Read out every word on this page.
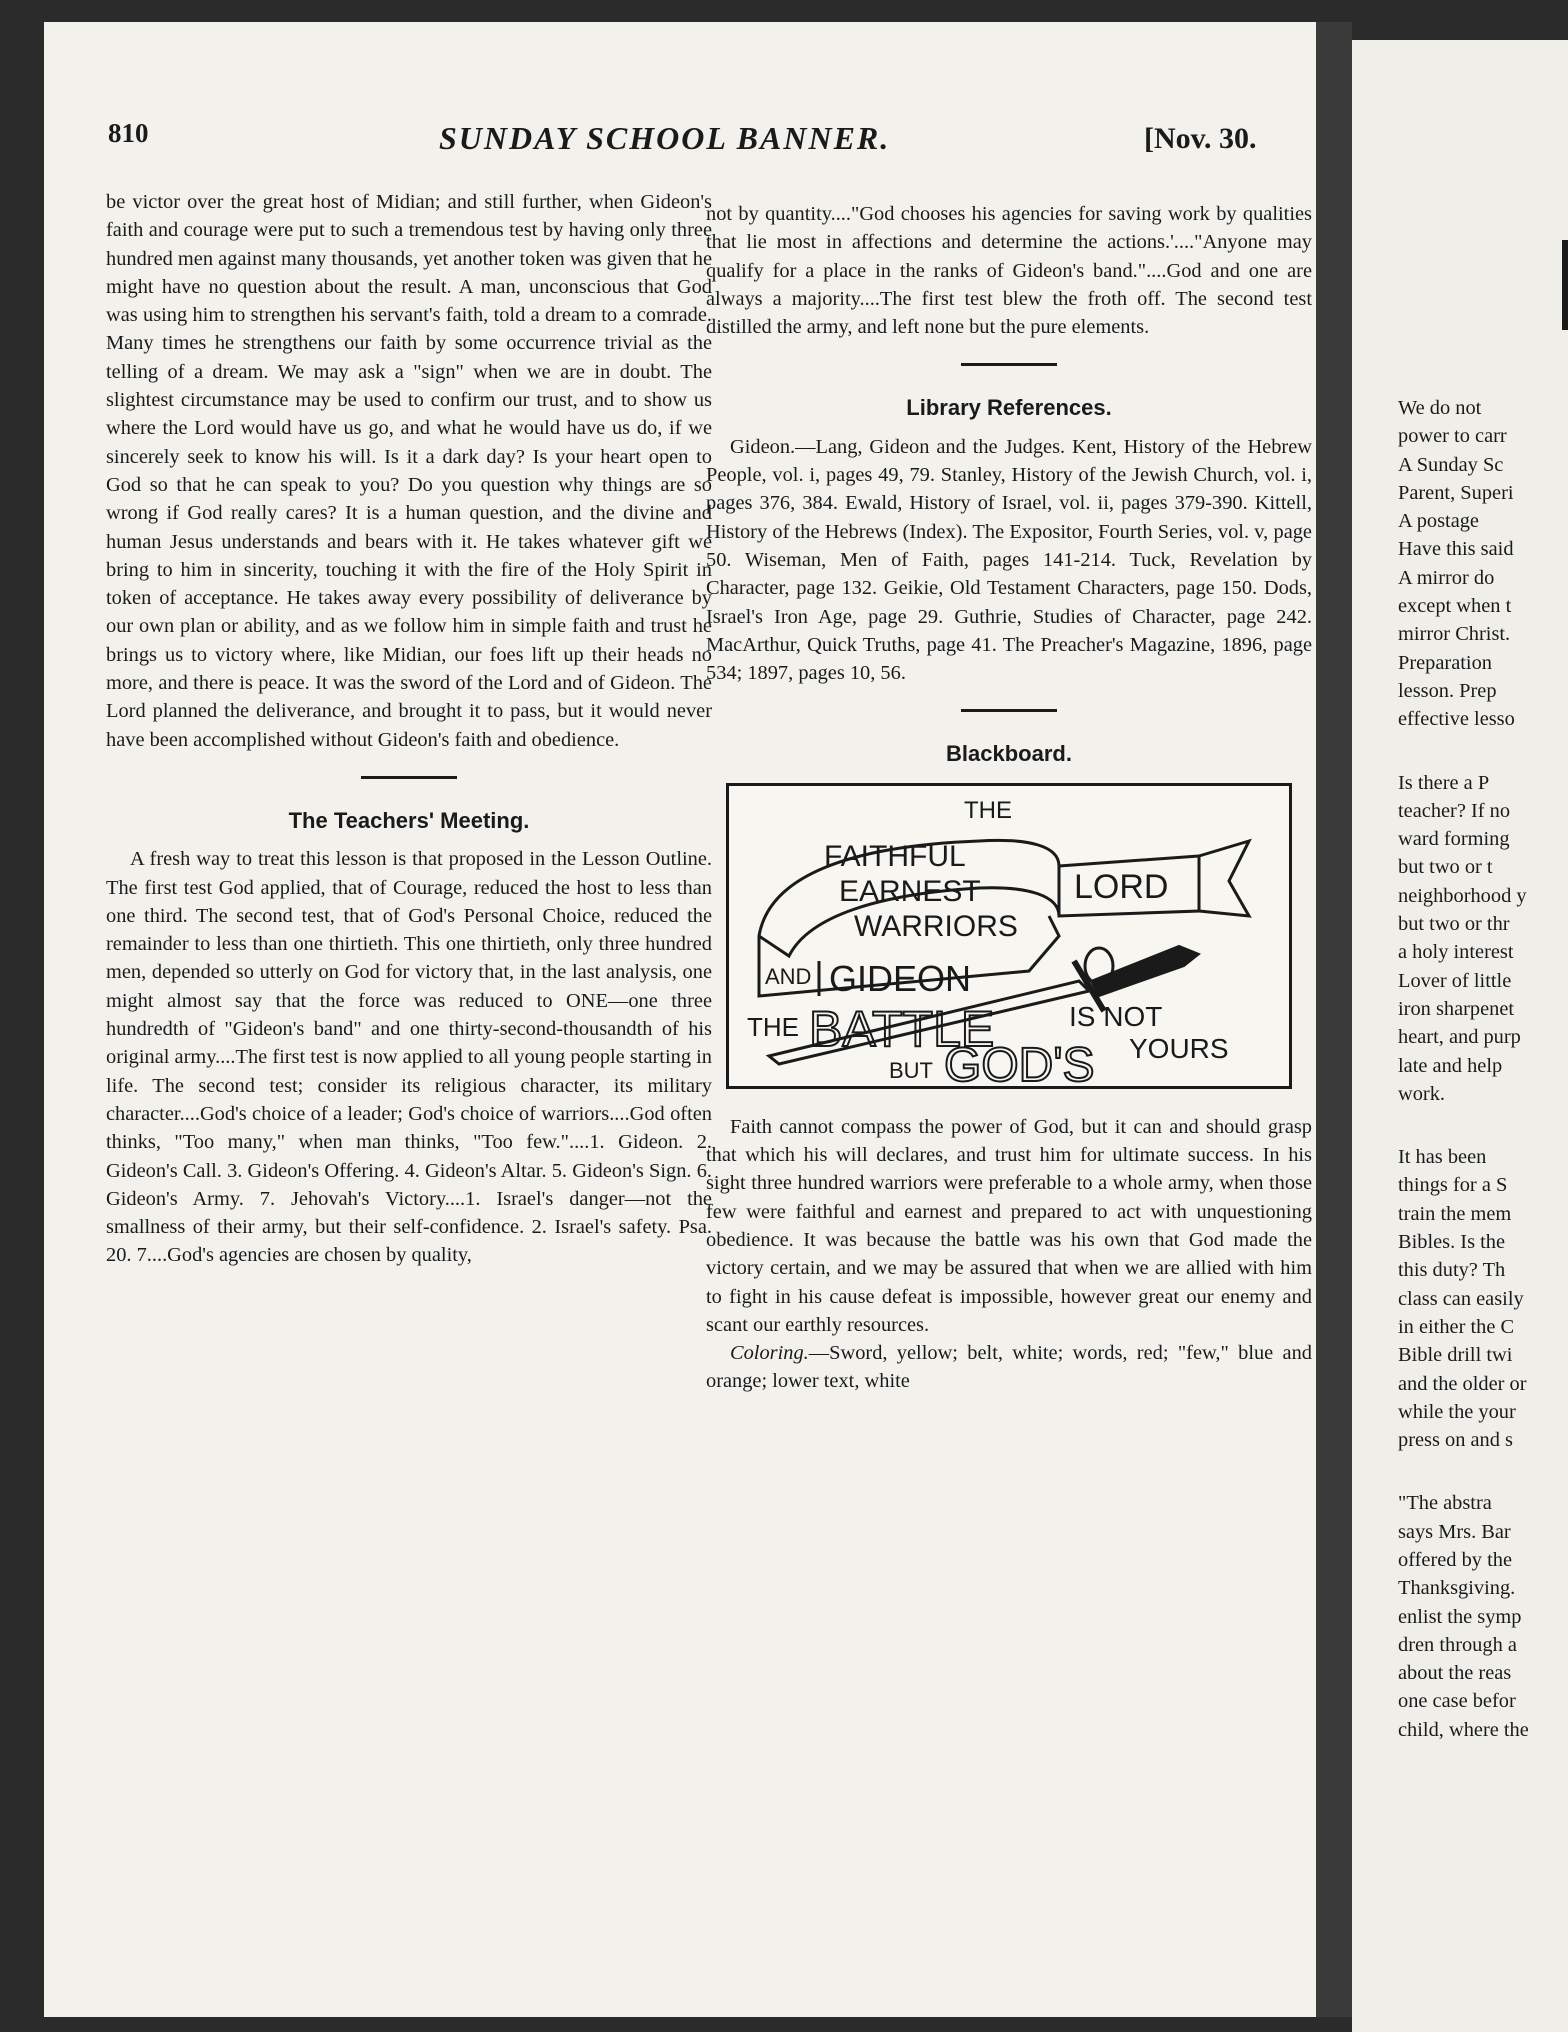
810	SUNDAY SCHOOL BANNER.	[Nov. 30.

be victor over the great host of Midian; and still further, when Gideon's faith and courage were put to such a tremendous test by having only three hundred men against many thousands, yet another token was given that he might have no question about the result. A man, unconscious that God was using him to strengthen his servant's faith, told a dream to a comrade. Many times he strengthens our faith by some occurrence trivial as the telling of a dream. We may ask a "sign" when we are in doubt. The slightest circumstance may be used to confirm our trust, and to show us where the Lord would have us go, and what he would have us do, if we sincerely seek to know his will. Is it a dark day? Is your heart open to God so that he can speak to you? Do you question why things are so wrong if God really cares? It is a human question, and the divine and human Jesus understands and bears with it. He takes whatever gift we bring to him in sincerity, touching it with the fire of the Holy Spirit in token of acceptance. He takes away every possibility of deliverance by our own plan or ability, and as we follow him in simple faith and trust he brings us to victory where, like Midian, our foes lift up their heads no more, and there is peace. It was the sword of the Lord and of Gideon. The Lord planned the deliverance, and brought it to pass, but it would never have been accomplished without Gideon's faith and obedience.

The Teachers' Meeting.

A fresh way to treat this lesson is that proposed in the Lesson Outline. The first test God applied, that of Courage, reduced the host to less than one third. The second test, that of God's Personal Choice, reduced the remainder to less than one thirtieth. This one thirtieth, only three hundred men, depended so utterly on God for victory that, in the last analysis, one might almost say that the force was reduced to ONE—one three hundredth of "Gideon's band" and one thirty-second-thousandth of his original army....The first test is now applied to all young people starting in life. The second test; consider its religious character, its military character....God's choice of a leader; God's choice of warriors....God often thinks, "Too many," when man thinks, "Too few."....1. Gideon. 2. Gideon's Call. 3. Gideon's Offering. 4. Gideon's Altar. 5. Gideon's Sign. 6. Gideon's Army. 7. Jehovah's Victory....1. Israel's danger—not the smallness of their army, but their self-confidence. 2. Israel's safety. Psa. 20. 7....God's agencies are chosen by quality,

not by quantity...."God chooses his agencies for saving work by qualities that lie most in affections and determine the actions.'...."Anyone may qualify for a place in the ranks of Gideon's band."....God and one are always a majority....The first test blew the froth off. The second test distilled the army, and left none but the pure elements.

Library References.

Gideon.—Lang, Gideon and the Judges. Kent, History of the Hebrew People, vol. i, pages 49, 79. Stanley, History of the Jewish Church, vol. i, pages 376, 384. Ewald, History of Israel, vol. ii, pages 379-390. Kittell, History of the Hebrews (Index). The Expositor, Fourth Series, vol. v, page 50. Wiseman, Men of Faith, pages 141-214. Tuck, Revelation by Character, page 132. Geikie, Old Testament Characters, page 150. Dods, Israel's Iron Age, page 29. Guthrie, Studies of Character, page 242. MacArthur, Quick Truths, page 41. The Preacher's Magazine, 1896, page 534; 1897, pages 10, 56.

Blackboard.
THE
FAITHFUL
EARNEST
WARRIORS
LORD
AND GIDEON
THE BATTLE	IS NOT
YOURS
BUT GOD'S

Faith cannot compass the power of God, but it can and should grasp that which his will declares, and trust him for ultimate success. In his sight three hundred warriors were preferable to a whole army, when those few were faithful and earnest and prepared to act with unquestioning obedience. It was because the battle was his own that God made the victory certain, and we may be assured that when we are allied with him to fight in his cause defeat is impossible, however great our enemy and scant our earthly resources.

Coloring.—Sword, yellow; belt, white; words, red; "few," blue and orange; lower text, white

We do not
power to carr
A Sunday Sc
Parent, Superi
A postage
Have this said
A mirror do
except when t
mirror Christ.
Preparation
lesson. Prep
effective lesso
Is there a P
teacher? If no
ward forming
but two or t
neighborhood y
but two or thr
a holy interest
Lover of little
iron sharpenet
heart, and purp
late and help
work.
It has been
things for a S
train the mem
Bibles. Is the
this duty? Th
class can easily
in either the C
Bible drill twi
and the older or
while the your
press on and s
"The abstra
says Mrs. Bar
offered by the
Thanksgiving.
enlist the symp
dren through a
about the reas
one case befor
child, where the
